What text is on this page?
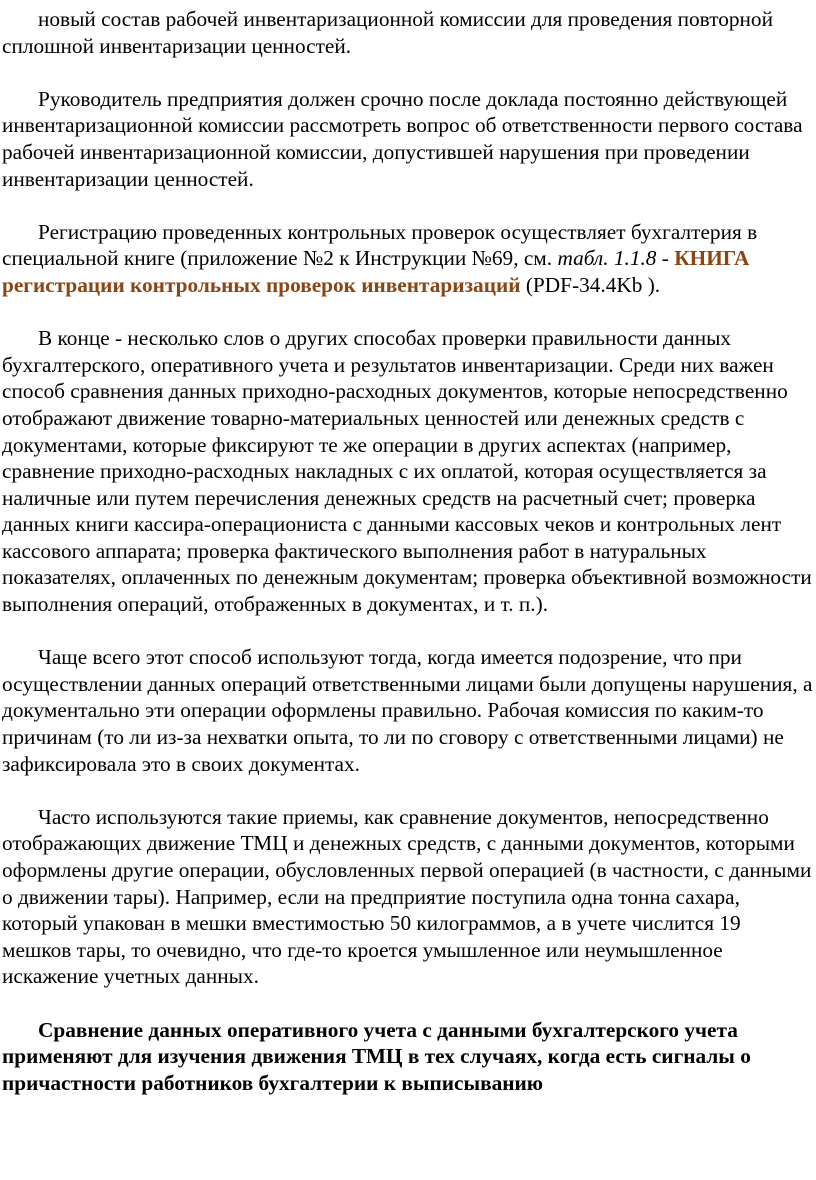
новый состав рабочей инвентаризационной комиссии для проведения повторной сплошной инвентаризации ценностей.

Руководитель предприятия должен срочно после доклада постоянно действующей инвентаризационной комиссии рассмотреть вопрос об ответственности первого состава рабочей инвентаризационной комиссии, допустившей нарушения при проведении инвентаризации ценностей.

Регистрацию проведенных контрольных проверок осуществляет бухгалтерия в специальной книге (приложение №2 к Инструкции №69, см. табл. 1.1.8 - КНИГА регистрации контрольных проверок инвентаризаций (PDF-34.4Kb ).

В конце - несколько слов о других способах проверки правильности данных бухгалтерского, оперативного учета и результатов инвентаризации. Среди них важен способ сравнения данных приходно-расходных документов, которые непосредственно отображают движение товарно-материальных ценностей или денежных средств с документами, которые фиксируют те же операции в других аспектах (например, сравнение приходно-расходных накладных с их оплатой, которая осуществляется за наличные или путем перечисления денежных средств на расчетный счет; проверка данных книги кассира-операциониста с данными кассовых чеков и контрольных лент кассового аппарата; проверка фактического выполнения работ в натуральных показателях, оплаченных по денежным документам; проверка объективной возможности выполнения операций, отображенных в документах, и т. п.).

Чаще всего этот способ используют тогда, когда имеется подозрение, что при осуществлении данных операций ответственными лицами были допущены нарушения, а документально эти операции оформлены правильно. Рабочая комиссия по каким-то причинам (то ли из-за нехватки опыта, то ли по сговору с ответственными лицами) не зафиксировала это в своих документах.

Часто используются такие приемы, как сравнение документов, непосредственно отображающих движение ТМЦ и денежных средств, с данными документов, которыми оформлены другие операции, обусловленных первой операцией (в частности, с данными о движении тары). Например, если на предприятие поступила одна тонна сахара, который упакован в мешки вместимостью 50 килограммов, а в учете числится 19 мешков тары, то очевидно, что где-то кроется умышленное или неумышленное искажение учетных данных.

Сравнение данных оперативного учета с данными бухгалтерского учета применяют для изучения движения ТМЦ в тех случаях, когда есть сигналы о причастности работников бухгалтерии к выписыванию
